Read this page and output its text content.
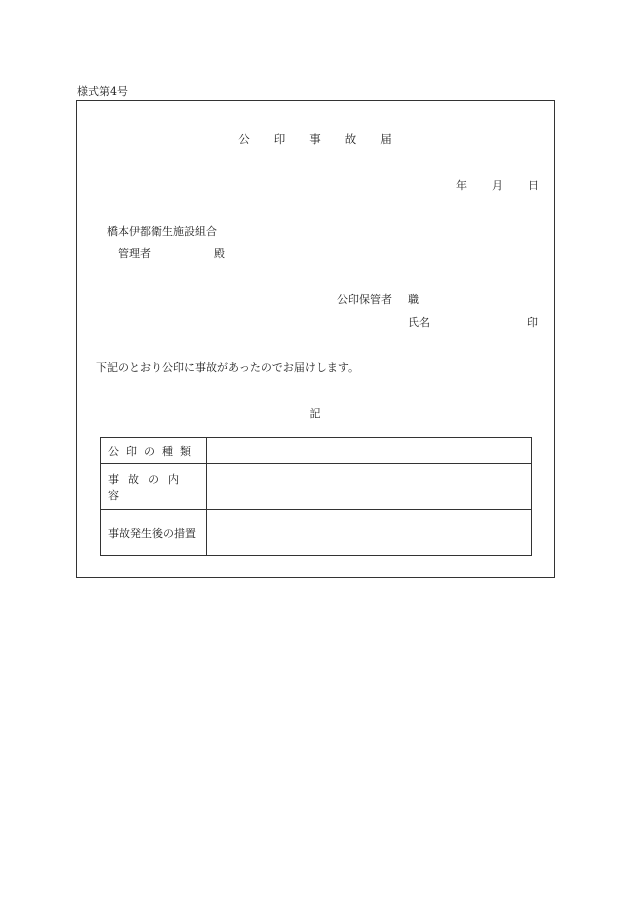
様式第4号
公 印 事 故 届
年 月 日
橋本伊都衛生施設組合
管理者	殿
公印保管者 職
氏名	印
下記のとおり公印に事故があったのでお届けします。
記
公印の種類	
事故の内容	
事故発生後の措置	
